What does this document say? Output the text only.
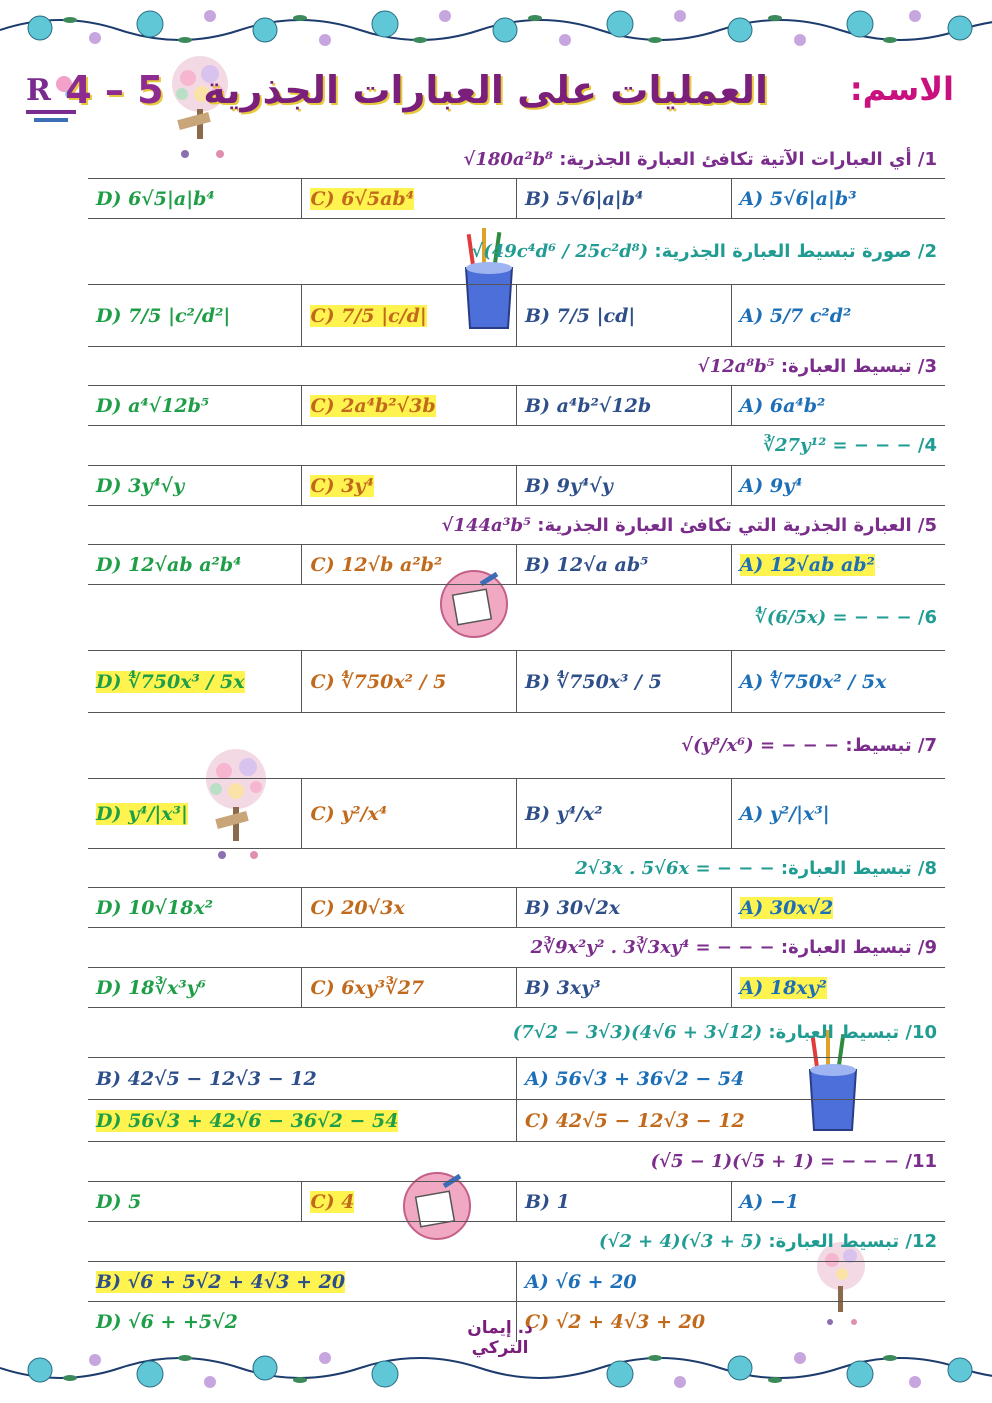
R	العمليات على العبارات الجذرية   5 – 4	الاسم:
1/ أي العبارات الآتية تكافئ العبارة الجذرية: √180a²b⁸			
D) 6√5|a|b⁴	C) 6√5ab⁴	B) 5√6|a|b⁴	A) 5√6|a|b³
2/ صورة تبسيط العبارة الجذرية: √(49c⁴d⁶ / 25c²d⁸)			
D) 7/5 |c²/d²|	C) 7/5 |c/d|	B) 7/5 |cd|	A) 5/7 c²d²
3/ تبسيط العبارة: √12a⁸b⁵			
D) a⁴√12b⁵	C) 2a⁴b²√3b	B) a⁴b²√12b	A) 6a⁴b²
4/ ∛27y¹² = − − −			
D) 3y⁴√y	C) 3y⁴	B) 9y⁴√y	A) 9y⁴
5/ العبارة الجذرية التي تكافئ العبارة الجذرية: √144a³b⁵			
D) 12√ab a²b⁴	C) 12√b a²b²	B) 12√a ab⁵	A) 12√ab ab²
6/ ∜(6/5x) = − − −			
D) ∜750x³ / 5x	C) ∜750x² / 5	B) ∜750x³ / 5	A) ∜750x² / 5x
7/ تبسيط: √(y⁸/x⁶) = − − −			
D) y⁴/|x³|	C) y²/x⁴	B) y⁴/x²	A) y²/|x³|
8/ تبسيط العبارة: 2√3x . 5√6x = − − −			
D) 10√18x²	C) 20√3x	B) 30√2x	A) 30x√2
9/ تبسيط العبارة: 2∛9x²y² . 3∛3xy⁴ = − − −			
D) 18∛x³y⁶	C) 6xy³∛27	B) 3xy³	A) 18xy²
10/ تبسيط العبارة: (7√2 − 3√3)(4√6 + 3√12)			
B) 42√5 − 12√3 − 12		A) 56√3 + 36√2 − 54	
D) 56√3 + 42√6 − 36√2 − 54		C) 42√5 − 12√3 − 12	
11/ (√5 − 1)(√5 + 1) = − − −			
D) 5	C) 4	B) 1	A) −1
12/ تبسيط العبارة: (√2 + 4)(√3 + 5)			
B) √6 + 5√2 + 4√3 + 20		A) √6 + 20	
D) √6 + +5√2		C) √2 + 4√3 + 20	
د. إيمان التركي
